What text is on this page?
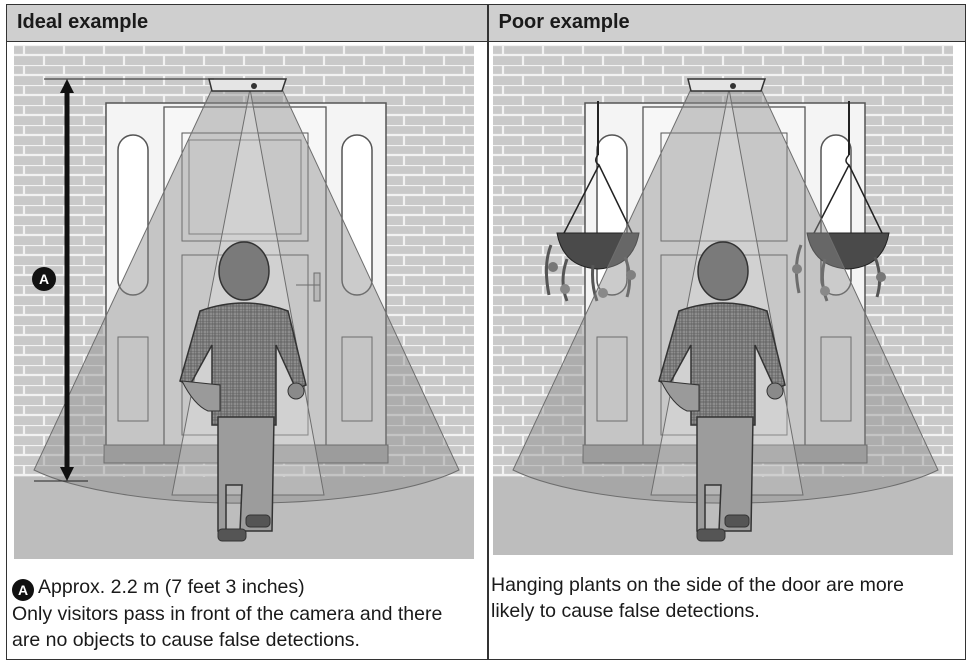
Ideal example	Poor example
A
A Approx. 2.2 m (7 feet 3 inches)
Only visitors pass in front of the camera and there are no objects to cause false detections.
Hanging plants on the side of the door are more likely to cause false detections.
